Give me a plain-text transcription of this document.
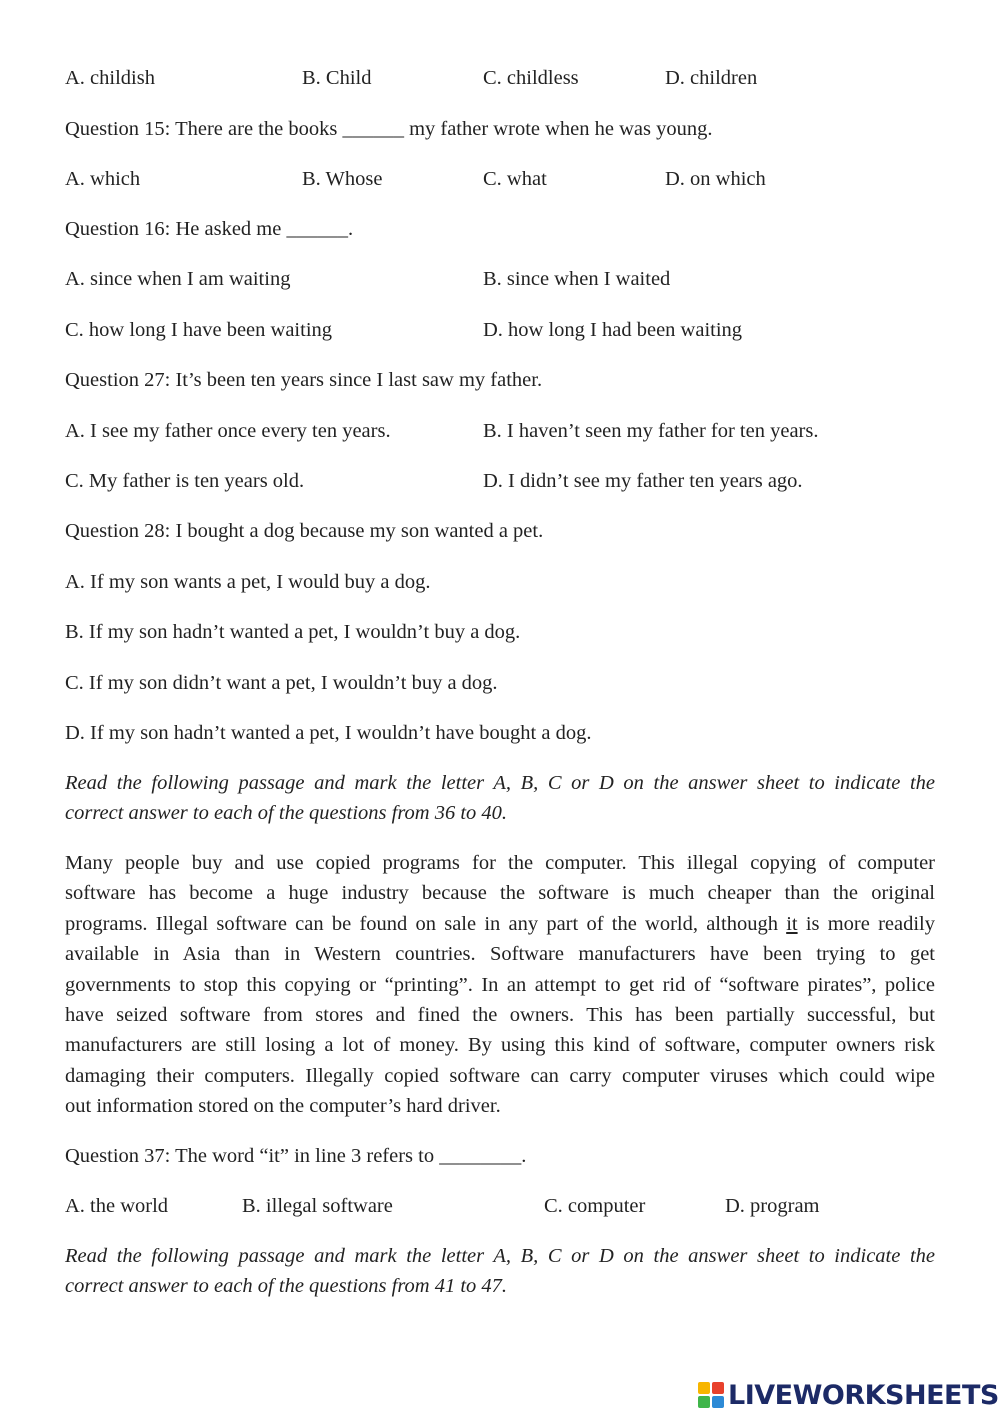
A. childish	B. Child	C. childless	D. children
Question 15: There are the books ______ my father wrote when he was young.
A. which	B. Whose	C. what	D. on which
Question 16: He asked me ______.
A. since when I am waiting	B. since when I waited
C. how long I have been waiting	D. how long I had been waiting
Question 27: It’s been ten years since I last saw my father.
A. I see my father once every ten years.	B. I haven’t seen my father for ten years.
C. My father is ten years old.	D. I didn’t see my father ten years ago.
Question 28: I bought a dog because my son wanted a pet.
A. If my son wants a pet, I would buy a dog.
B. If my son hadn’t wanted a pet, I wouldn’t buy a dog.
C. If my son didn’t want a pet, I wouldn’t buy a dog.
D. If my son hadn’t wanted a pet, I wouldn’t have bought a dog.
Read the following passage and mark the letter A, B, C or D on the answer sheet to indicate the
correct answer to each of the questions from 36 to 40.
Many people buy and use copied programs for the computer. This illegal copying of computer
software has become a huge industry because the software is much cheaper than the original
programs. Illegal software can be found on sale in any part of the world, although it is more readily
available in Asia than in Western countries. Software manufacturers have been trying to get
governments to stop this copying or “printing”. In an attempt to get rid of “software pirates”, police
have seized software from stores and fined the owners. This has been partially successful, but
manufacturers are still losing a lot of money. By using this kind of software, computer owners risk
damaging their computers. Illegally copied software can carry computer viruses which could wipe
out information stored on the computer’s hard driver.
Question 37: The word “it” in line 3 refers to ________.
A. the world	B. illegal software	C. computer	D. program
Read the following passage and mark the letter A, B, C or D on the answer sheet to indicate the
correct answer to each of the questions from 41 to 47.
LIVEWORKSHEETS
